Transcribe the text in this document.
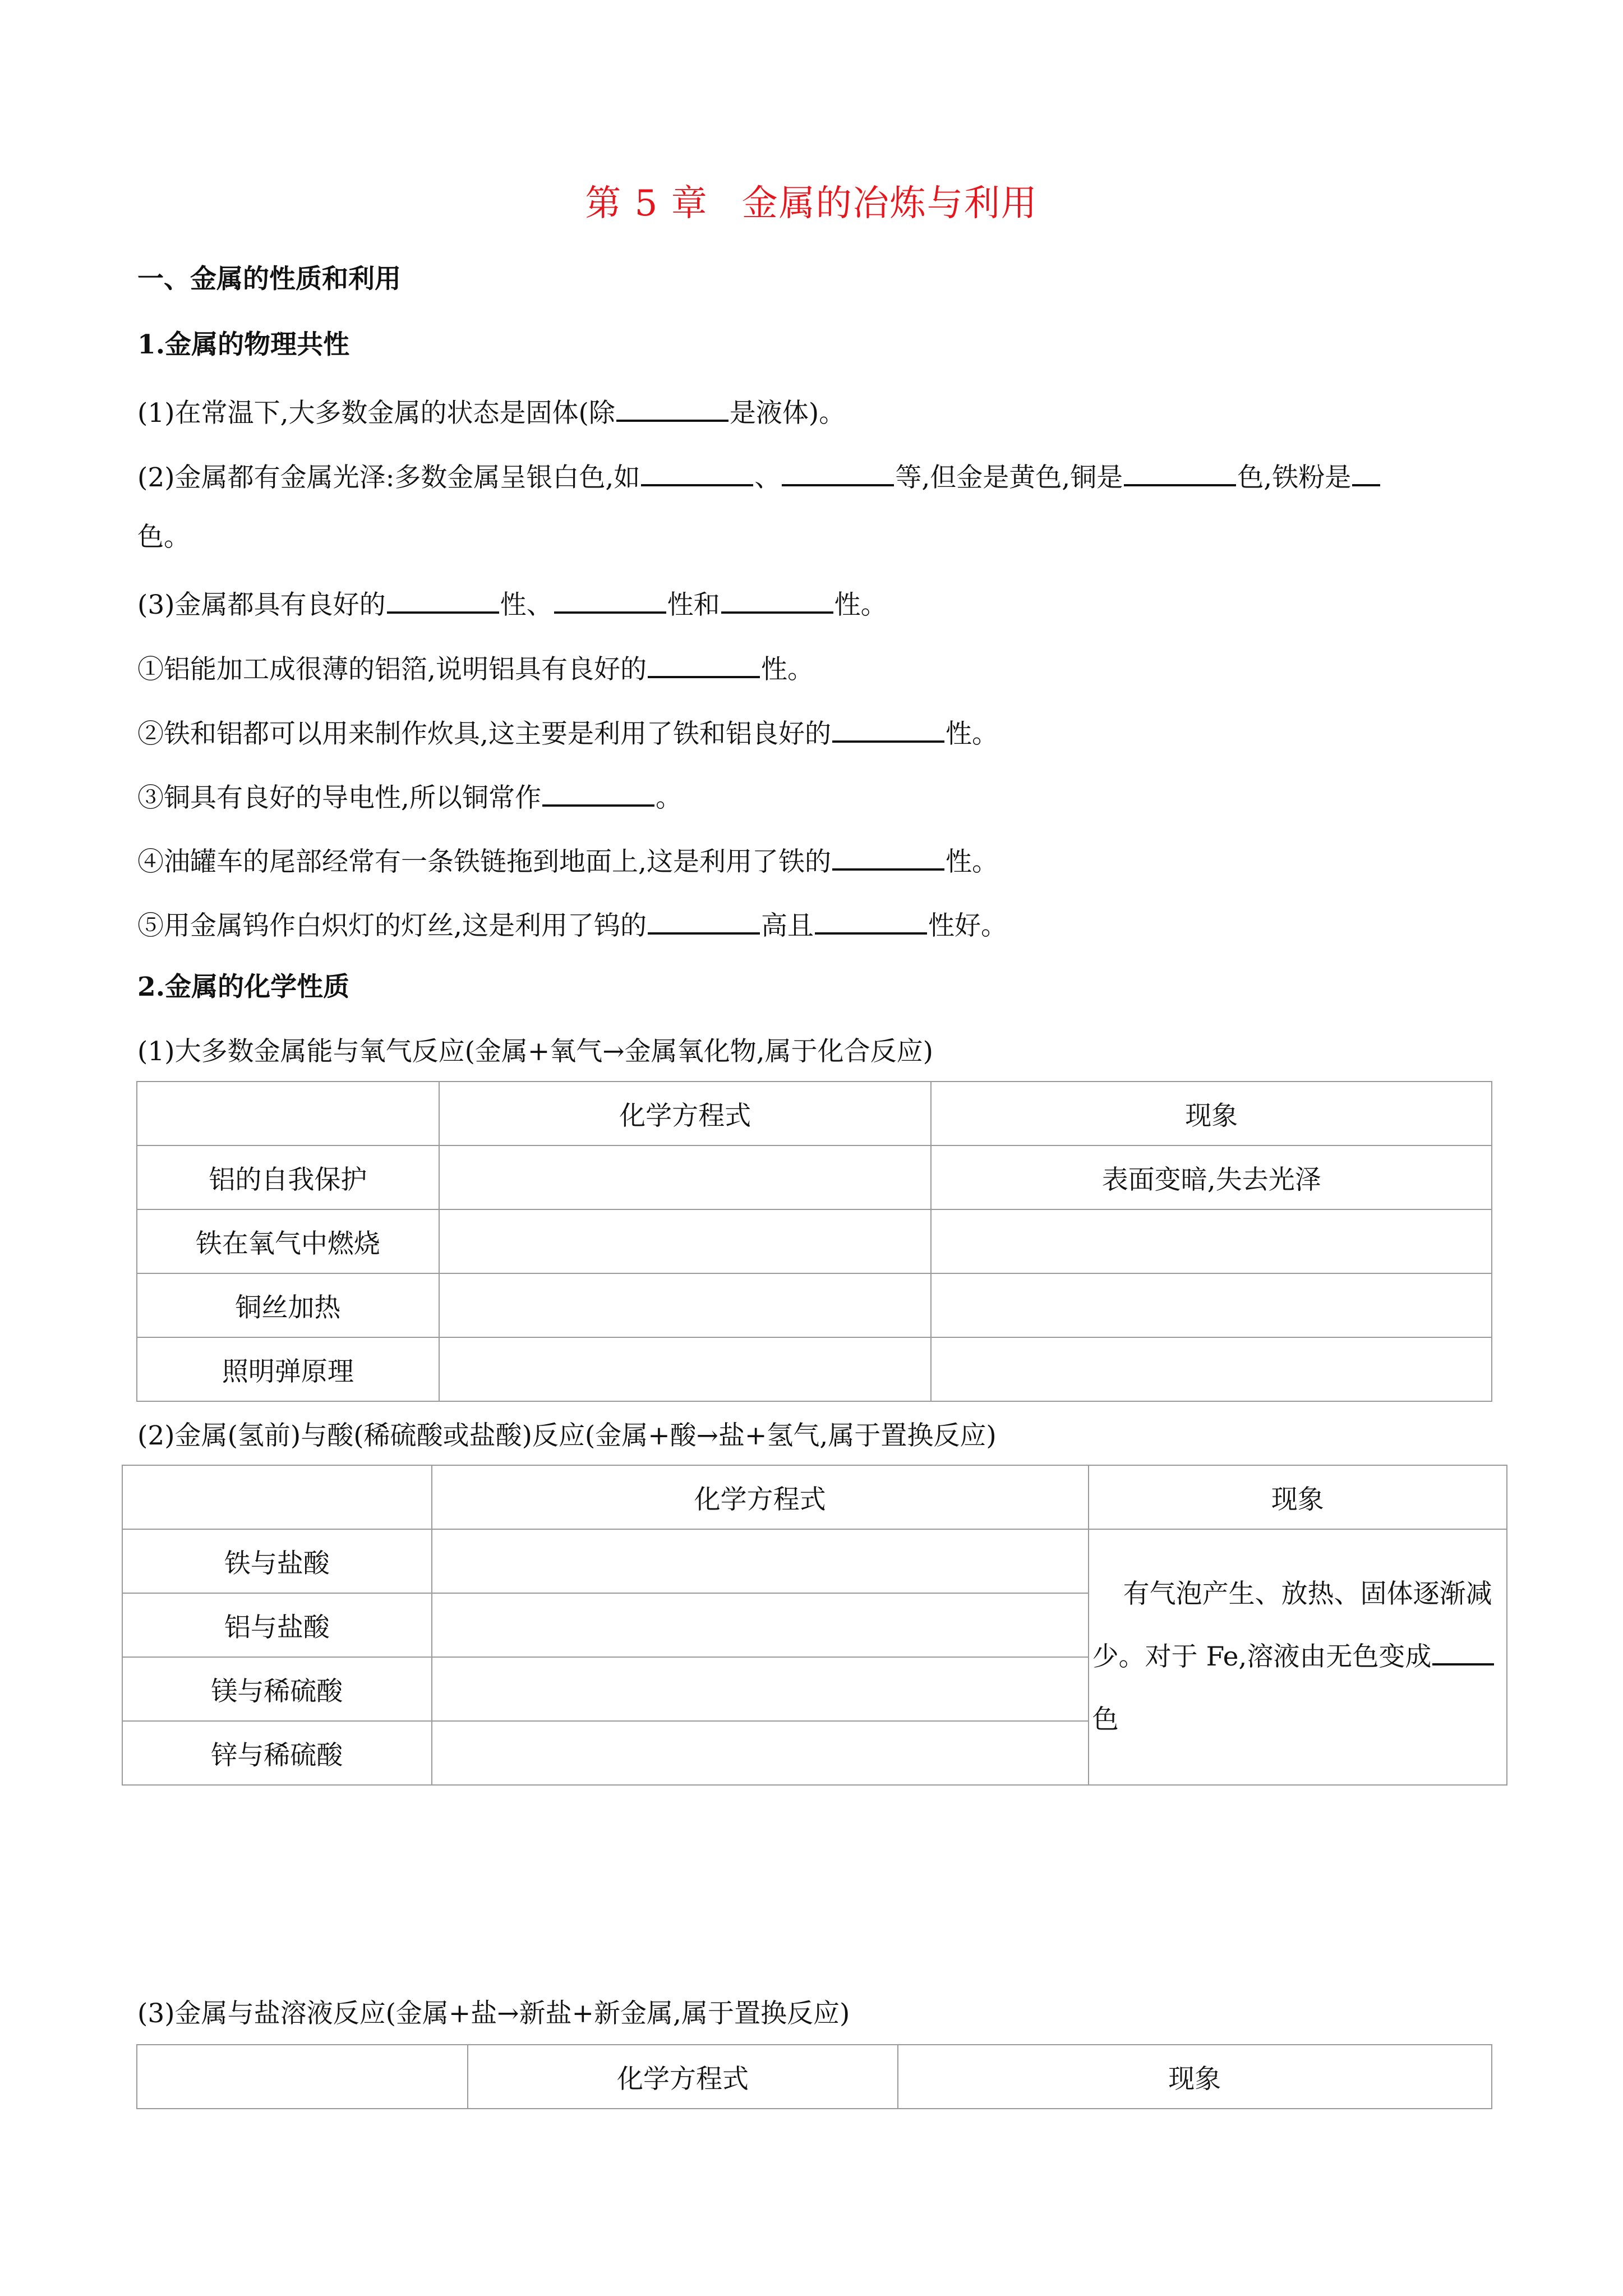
第 5 章 金属的冶炼与利用
一、金属的性质和利用
1.金属的物理共性
(1)在常温下,大多数金属的状态是固体(除	是液体)。
(2)金属都有金属光泽:多数金属呈银白色,如	、	等,但金是黄色,铜是	色,铁粉是
色。
(3)金属都具有良好的	性、	性和	性。
①铝能加工成很薄的铝箔,说明铝具有良好的	性。
②铁和铝都可以用来制作炊具,这主要是利用了铁和铝良好的	性。
③铜具有良好的导电性,所以铜常作	。
④油罐车的尾部经常有一条铁链拖到地面上,这是利用了铁的	性。
⑤用金属钨作白炽灯的灯丝,这是利用了钨的	高且	性好。
2.金属的化学性质
(1)大多数金属能与氧气反应(金属+氧气→金属氧化物,属于化合反应)
	化学方程式	现象
铝的自我保护		表面变暗,失去光泽
铁在氧气中燃烧		
铜丝加热		
照明弹原理		
(2)金属(氢前)与酸(稀硫酸或盐酸)反应(金属+酸→盐+氢气,属于置换反应)
	化学方程式	现象
铁与盐酸		有气泡产生、放热、固体逐渐减少。对于 Fe,溶液由无色变成色
铝与盐酸		
镁与稀硫酸		
锌与稀硫酸		
(3)金属与盐溶液反应(金属+盐→新盐+新金属,属于置换反应)
	化学方程式	现象
